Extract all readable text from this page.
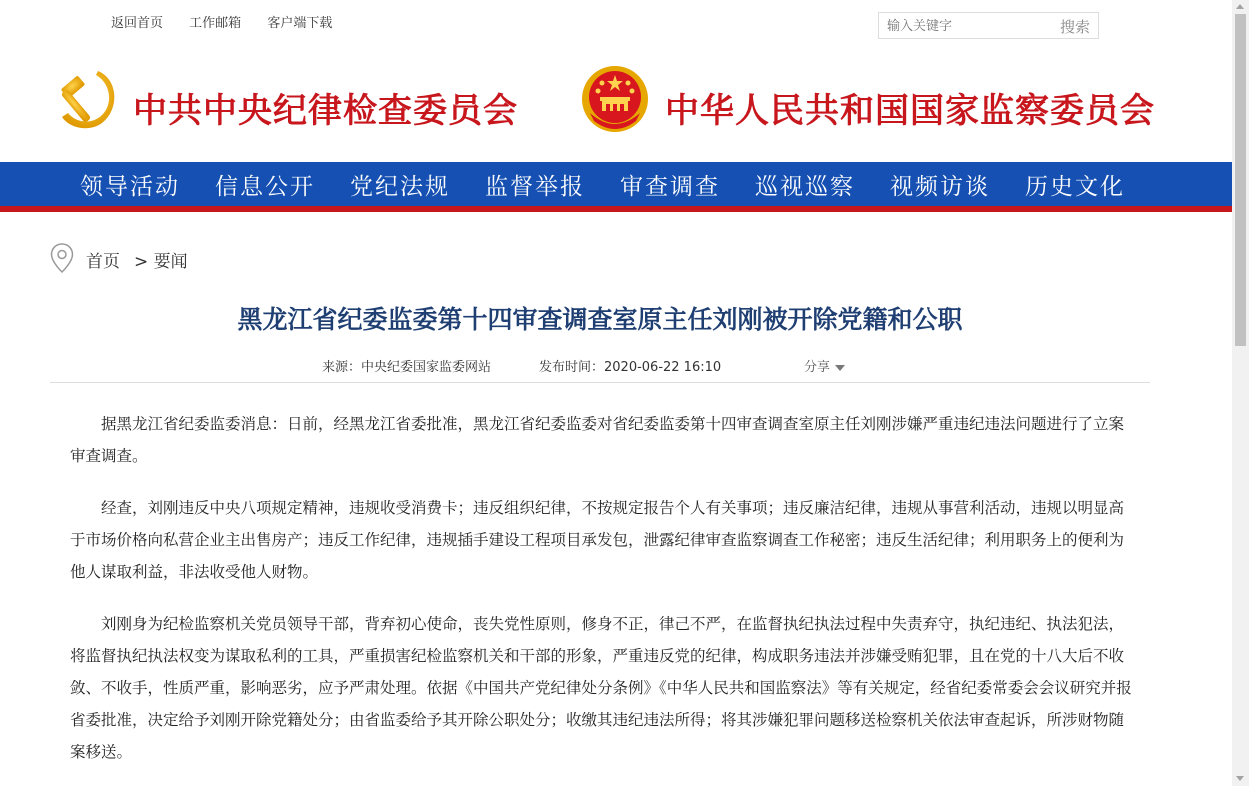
返回首页 工作邮箱 客户端下载
输入关键字	搜索
中共中央纪律检查委员会	中华人民共和国国家监察委员会
领导活动	信息公开	党纪法规	监督举报	审查调查	巡视巡察	视频访谈	历史文化
首页 > 要闻
黑龙江省纪委监委第十四审查调查室原主任刘刚被开除党籍和公职
来源：中央纪委国家监委网站	发布时间：2020-06-22 16:10	分享

据黑龙江省纪委监委消息：日前，经黑龙江省委批准，黑龙江省纪委监委对省纪委监委第十四审查调查室原主任刘刚涉嫌严重违纪违法问题进行了立案审查调查。

经查，刘刚违反中央八项规定精神，违规收受消费卡；违反组织纪律，不按规定报告个人有关事项；违反廉洁纪律，违规从事营利活动，违规以明显高于市场价格向私营企业主出售房产；违反工作纪律，违规插手建设工程项目承发包，泄露纪律审查监察调查工作秘密；违反生活纪律；利用职务上的便利为他人谋取利益，非法收受他人财物。

刘刚身为纪检监察机关党员领导干部，背弃初心使命，丧失党性原则，修身不正，律己不严，在监督执纪执法过程中失责弃守，执纪违纪、执法犯法，将监督执纪执法权变为谋取私利的工具，严重损害纪检监察机关和干部的形象，严重违反党的纪律，构成职务违法并涉嫌受贿犯罪，且在党的十八大后不收敛、不收手，性质严重，影响恶劣，应予严肃处理。依据《中国共产党纪律处分条例》《中华人民共和国监察法》等有关规定，经省纪委常委会会议研究并报省委批准，决定给予刘刚开除党籍处分；由省监委给予其开除公职处分；收缴其违纪违法所得；将其涉嫌犯罪问题移送检察机关依法审查起诉，所涉财物随案移送。
